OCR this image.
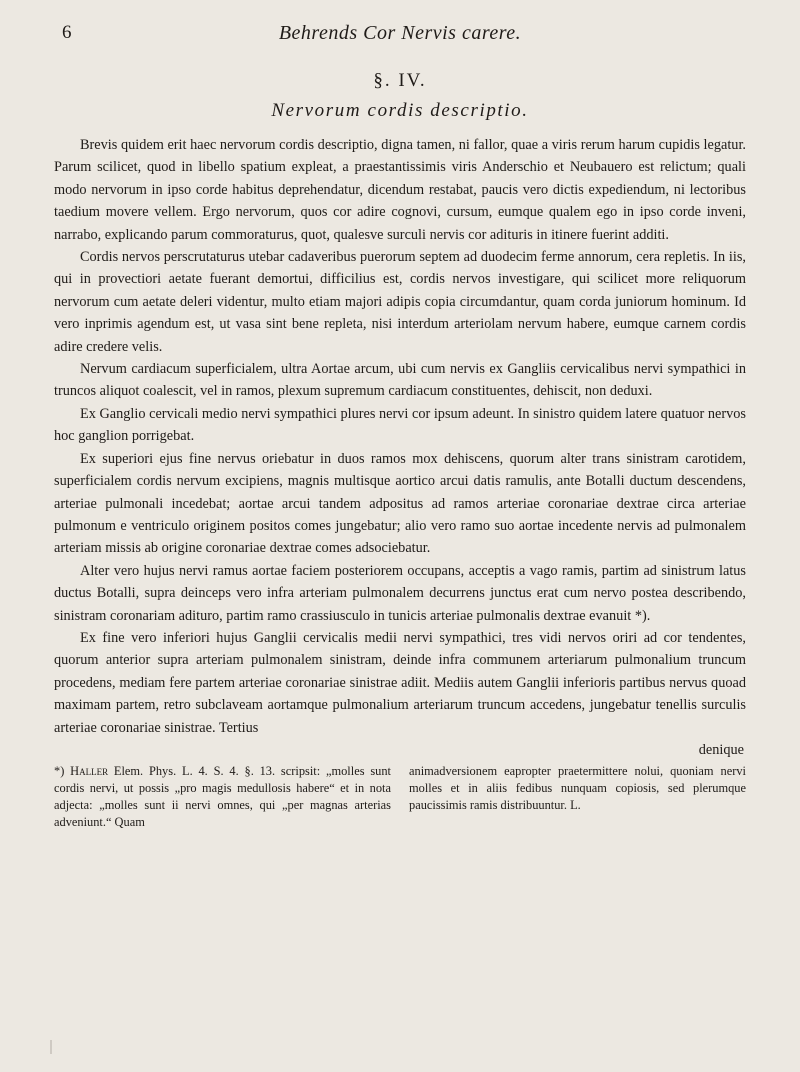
6	Behrends Cor Nervis carere.
§. IV.
Nervorum cordis descriptio.

Brevis quidem erit haec nervorum cordis descriptio, digna tamen, ni fallor, quae a viris rerum harum cupidis legatur. Parum scilicet, quod in libello spatium expleat, a praestantissimis viris Anderschio et Neubauero est relictum; quali modo nervorum in ipso corde habitus deprehendatur, dicendum restabat, paucis vero dictis expediendum, ni lectoribus taedium movere vellem. Ergo nervorum, quos cor adire cognovi, cursum, eumque qualem ego in ipso corde inveni, narrabo, explicando parum commoraturus, quot, qualesve surculi nervis cor adituris in itinere fuerint additi.

Cordis nervos perscrutaturus utebar cadaveribus puerorum septem ad duodecim ferme annorum, cera repletis. In iis, qui in provectiori aetate fuerant demortui, difficilius est, cordis nervos investigare, qui scilicet more reliquorum nervorum cum aetate deleri videntur, multo etiam majori adipis copia circumdantur, quam corda juniorum hominum. Id vero inprimis agendum est, ut vasa sint bene repleta, nisi interdum arteriolam nervum habere, eumque carnem cordis adire credere velis.

Nervum cardiacum superficialem, ultra Aortae arcum, ubi cum nervis ex Gangliis cervicalibus nervi sympathici in truncos aliquot coalescit, vel in ramos, plexum supremum cardiacum constituentes, dehiscit, non deduxi.

Ex Ganglio cervicali medio nervi sympathici plures nervi cor ipsum adeunt. In sinistro quidem latere quatuor nervos hoc ganglion porrigebat.

Ex superiori ejus fine nervus oriebatur in duos ramos mox dehiscens, quorum alter trans sinistram carotidem, superficialem cordis nervum excipiens, magnis multisque aortico arcui datis ramulis, ante Botalli ductum descendens, arteriae pulmonali incedebat; aortae arcui tandem adpositus ad ramos arteriae coronariae dextrae circa arteriae pulmonum e ventriculo originem positos comes jungebatur; alio vero ramo suo aortae incedente nervis ad pulmonalem arteriam missis ab origine coronariae dextrae comes adsociebatur.

Alter vero hujus nervi ramus aortae faciem posteriorem occupans, acceptis a vago ramis, partim ad sinistrum latus ductus Botalli, supra deinceps vero infra arteriam pulmonalem decurrens junctus erat cum nervo postea describendo, sinistram coronariam adituro, partim ramo crassiusculo in tunicis arteriae pulmonalis dextrae evanuit *).

Ex fine vero inferiori hujus Ganglii cervicalis medii nervi sympathici, tres vidi nervos oriri ad cor tendentes, quorum anterior supra arteriam pulmonalem sinistram, deinde infra communem arteriarum pulmonalium truncum procedens, mediam fere partem arteriae coronariae sinistrae adiit. Mediis autem Ganglii inferioris partibus nervus quoad maximam partem, retro subclaveam aortamque pulmonalium arteriarum truncum accedens, jungebatur tenellis surculis arteriae coronariae sinistrae. Tertius

denique

*) Haller Elem. Phys. L. 4. S. 4. §. 13. scripsit: „molles sunt cordis nervi, ut possis „pro magis medullosis habere“ et in nota adjecta: „molles sunt ii nervi omnes, qui „per magnas arterias adveniunt.“ Quam

animadversionem eapropter praetermittere nolui, quoniam nervi molles et in aliis fedibus nunquam copiosis, sed plerumque paucissimis ramis distribuuntur. L.
